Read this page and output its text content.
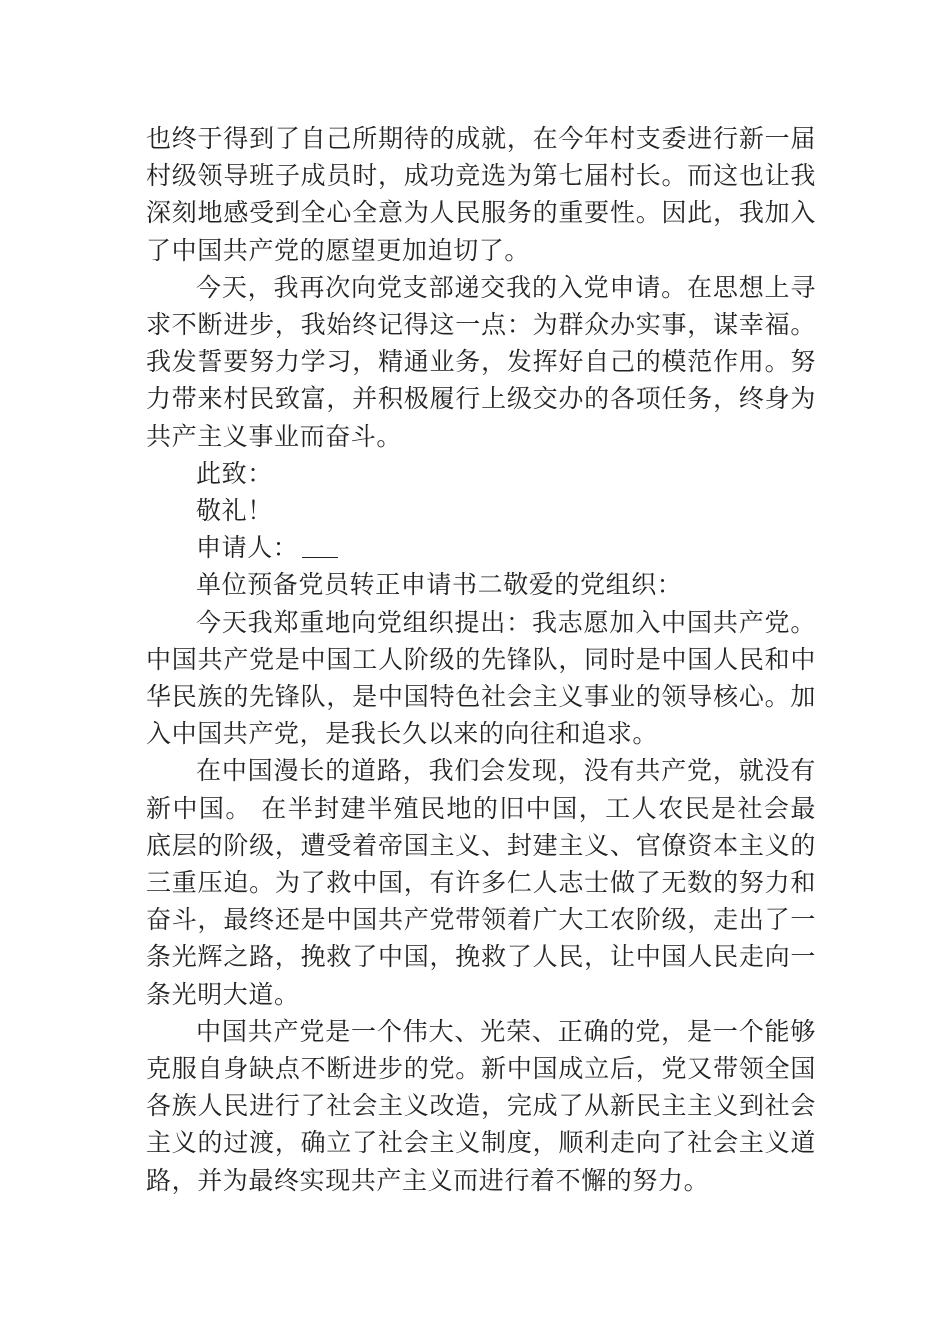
也终于得到了自己所期待的成就，在今年村支委进行新一届村级领导班子成员时，成功竞选为第七届村长。而这也让我深刻地感受到全心全意为人民服务的重要性。因此，我加入了中国共产党的愿望更加迫切了。

今天，我再次向党支部递交我的入党申请。在思想上寻求不断进步，我始终记得这一点：为群众办实事，谋幸福。我发誓要努力学习，精通业务，发挥好自己的模范作用。努力带来村民致富，并积极履行上级交办的各项任务，终身为共产主义事业而奋斗。

此致：

敬礼！

申请人：

单位预备党员转正申请书二敬爱的党组织：

今天我郑重地向党组织提出：我志愿加入中国共产党。中国共产党是中国工人阶级的先锋队，同时是中国人民和中华民族的先锋队，是中国特色社会主义事业的领导核心。加入中国共产党，是我长久以来的向往和追求。

在中国漫长的道路，我们会发现，没有共产党，就没有新中国。 在半封建半殖民地的旧中国，工人农民是社会最底层的阶级，遭受着帝国主义、封建主义、官僚资本主义的三重压迫。为了救中国，有许多仁人志士做了无数的努力和奋斗，最终还是中国共产党带领着广大工农阶级，走出了一条光辉之路，挽救了中国，挽救了人民，让中国人民走向一条光明大道。

中国共产党是一个伟大、光荣、正确的党，是一个能够克服自身缺点不断进步的党。新中国成立后，党又带领全国各族人民进行了社会主义改造，完成了从新民主主义到社会主义的过渡，确立了社会主义制度，顺利走向了社会主义道路，并为最终实现共产主义而进行着不懈的努力。
